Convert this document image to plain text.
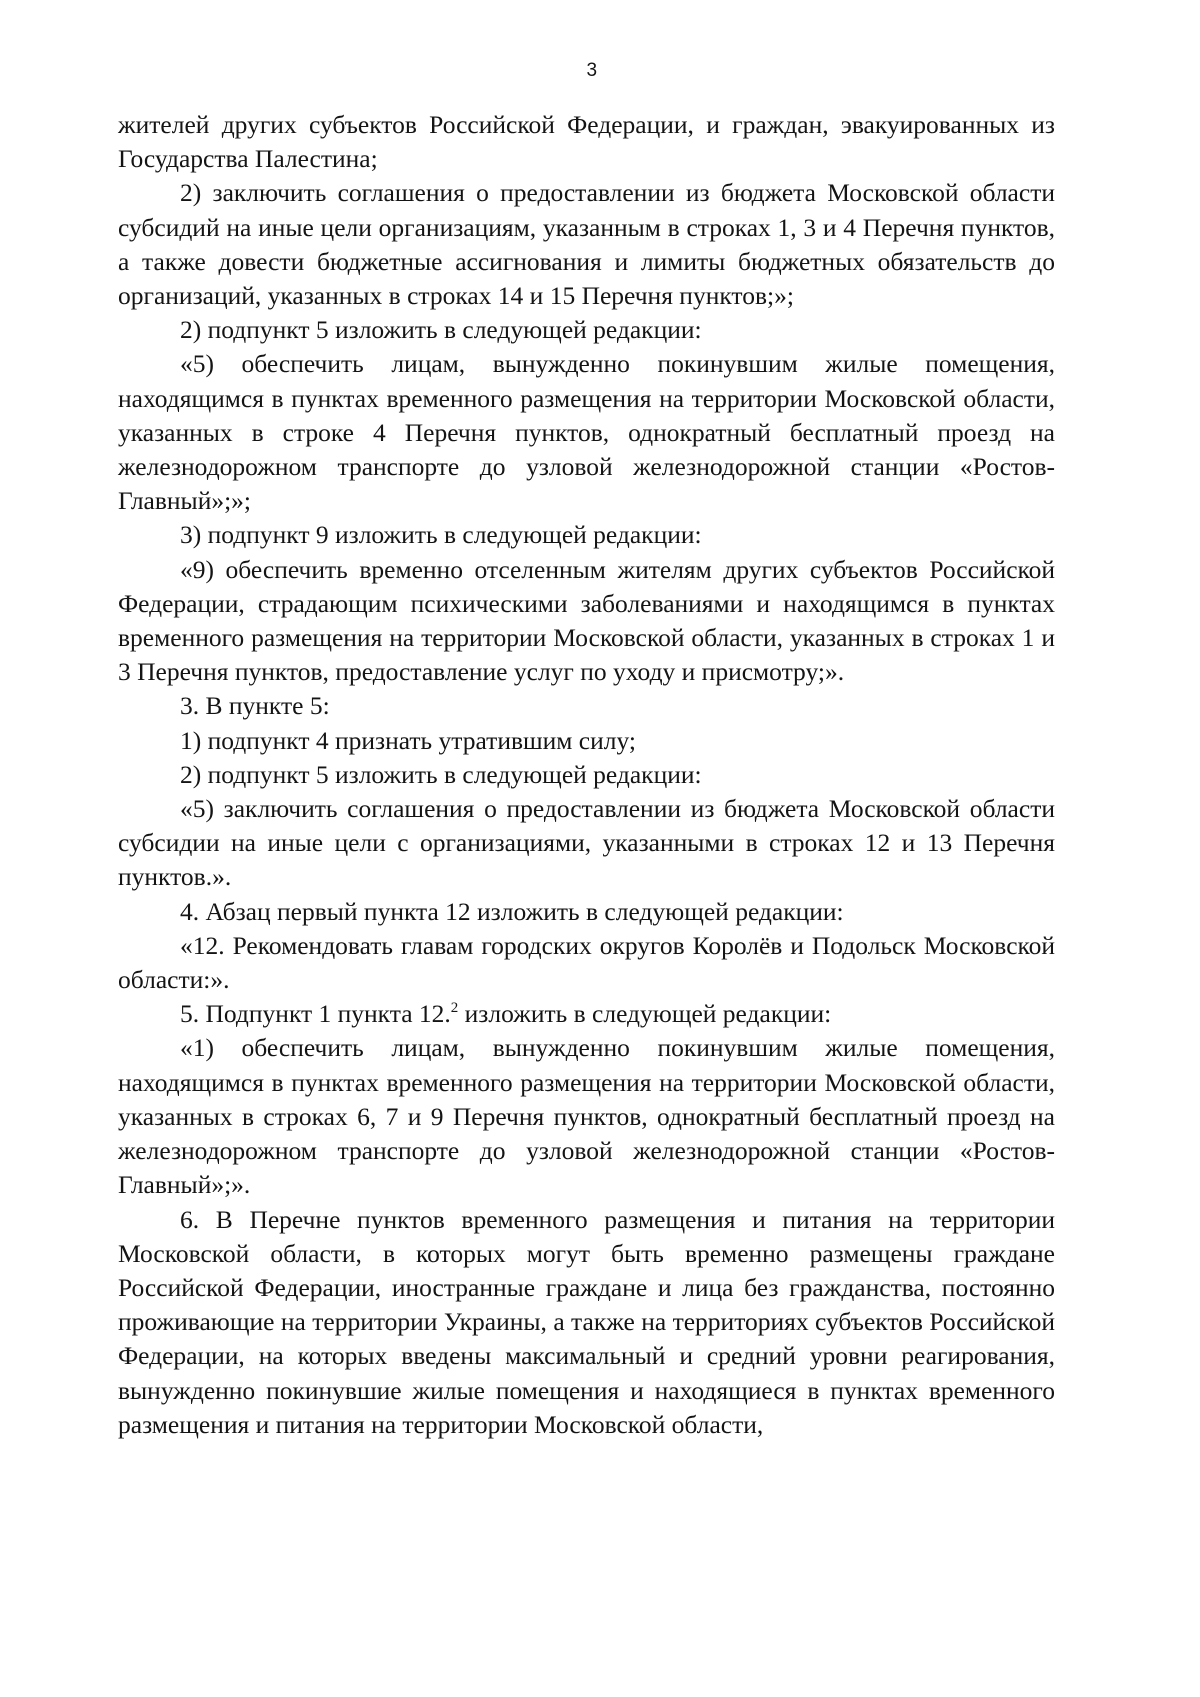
3

жителей других субъектов Российской Федерации, и граждан, эвакуированных из Государства Палестина;

2) заключить соглашения о предоставлении из бюджета Московской области субсидий на иные цели организациям, указанным в строках 1, 3 и 4 Перечня пунктов, а также довести бюджетные ассигнования и лимиты бюджетных обязательств до организаций, указанных в строках 14 и 15 Перечня пунктов;»;

2) подпункт 5 изложить в следующей редакции:

«5) обеспечить лицам, вынужденно покинувшим жилые помещения, находящимся в пунктах временного размещения на территории Московской области, указанных в строке 4 Перечня пунктов, однократный бесплатный проезд на железнодорожном транспорте до узловой железнодорожной станции «Ростов-Главный»;»;

3) подпункт 9 изложить в следующей редакции:

«9) обеспечить временно отселенным жителям других субъектов Российской Федерации, страдающим психическими заболеваниями и находящимся в пунктах временного размещения на территории Московской области, указанных в строках 1 и 3 Перечня пунктов, предоставление услуг по уходу и присмотру;».

3. В пункте 5:

1) подпункт 4 признать утратившим силу;

2) подпункт 5 изложить в следующей редакции:

«5) заключить соглашения о предоставлении из бюджета Московской области субсидии на иные цели с организациями, указанными в строках 12 и 13 Перечня пунктов.».

4. Абзац первый пункта 12 изложить в следующей редакции:

«12. Рекомендовать главам городских округов Королёв и Подольск Московской области:».

5. Подпункт 1 пункта 12.$^2$ изложить в следующей редакции:

«1) обеспечить лицам, вынужденно покинувшим жилые помещения, находящимся в пунктах временного размещения на территории Московской области, указанных в строках 6, 7 и 9 Перечня пунктов, однократный бесплатный проезд на железнодорожном транспорте до узловой железнодорожной станции «Ростов-Главный»;».

6. В Перечне пунктов временного размещения и питания на территории Московской области, в которых могут быть временно размещены граждане Российской Федерации, иностранные граждане и лица без гражданства, постоянно проживающие на территории Украины, а также на территориях субъектов Российской Федерации, на которых введены максимальный и средний уровни реагирования, вынужденно покинувшие жилые помещения и находящиеся в пунктах временного размещения и питания на территории Московской области,
